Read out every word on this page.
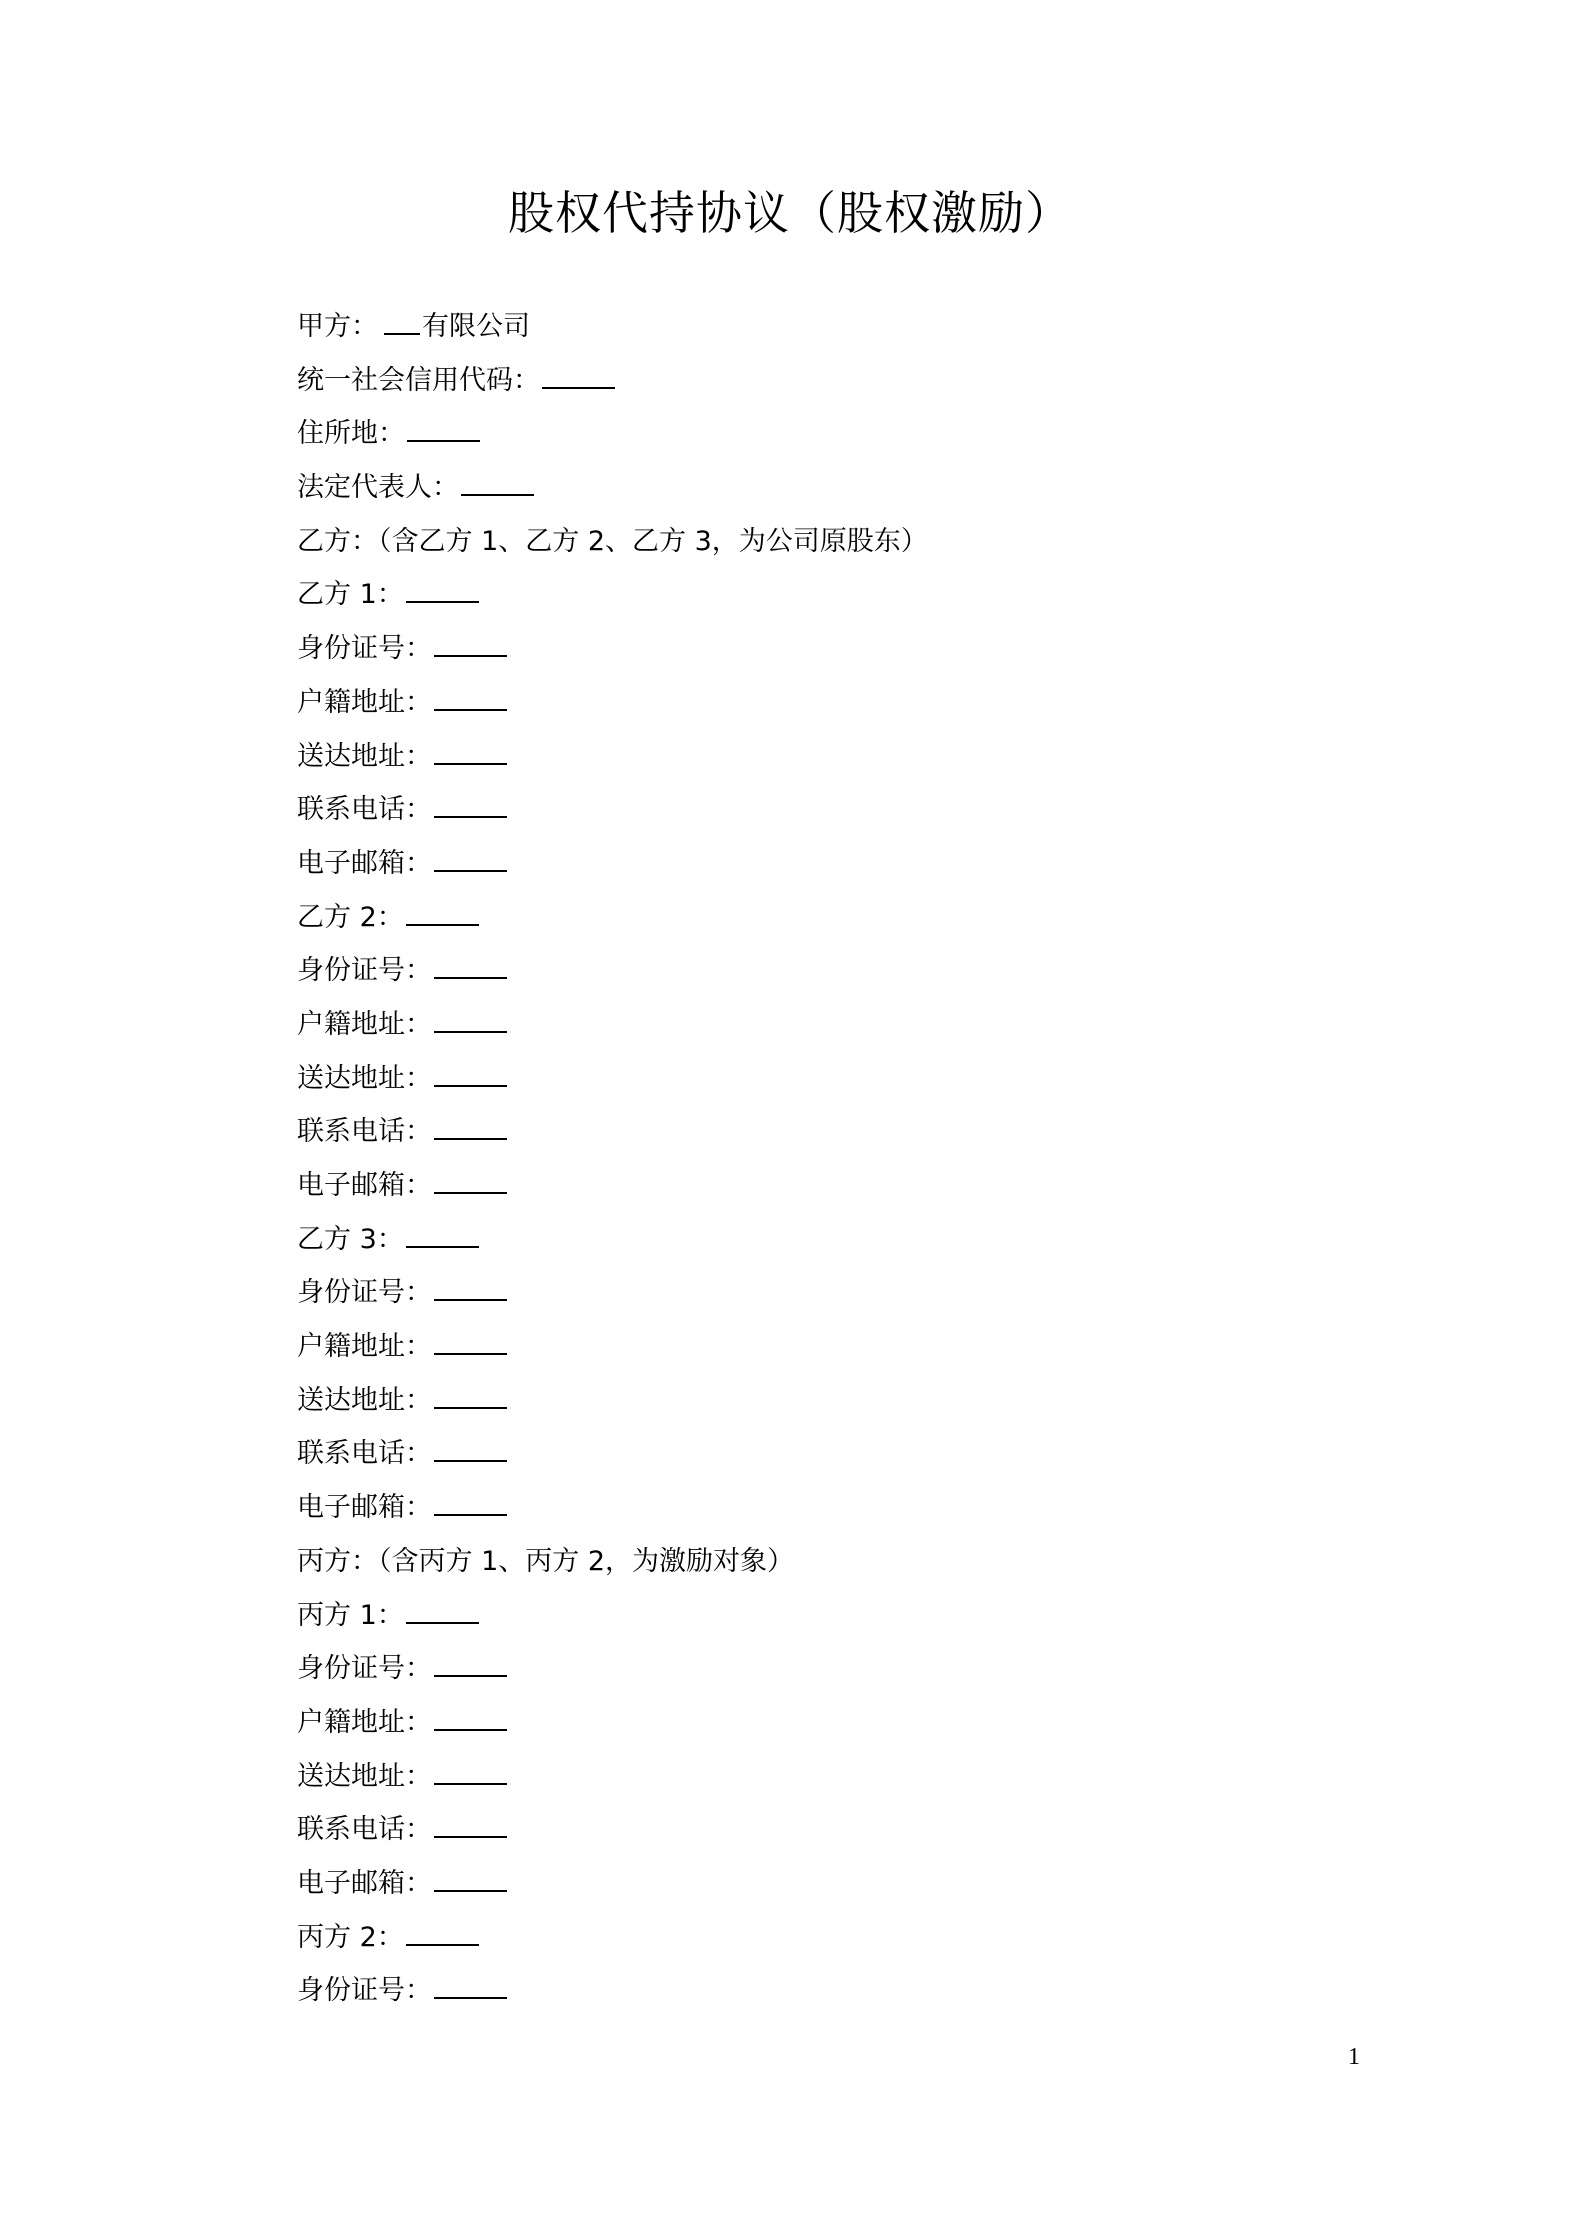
股权代持协议（股权激励）
甲方： 有限公司
统一社会信用代码：
住所地：
法定代表人：
乙方：（含乙方 1、乙方 2、乙方 3，为公司原股东）
乙方 1：
身份证号：
户籍地址：
送达地址：
联系电话：
电子邮箱：
乙方 2：
身份证号：
户籍地址：
送达地址：
联系电话：
电子邮箱：
乙方 3：
身份证号：
户籍地址：
送达地址：
联系电话：
电子邮箱：
丙方：（含丙方 1、丙方 2，为激励对象）
丙方 1：
身份证号：
户籍地址：
送达地址：
联系电话：
电子邮箱：
丙方 2：
身份证号：
1
